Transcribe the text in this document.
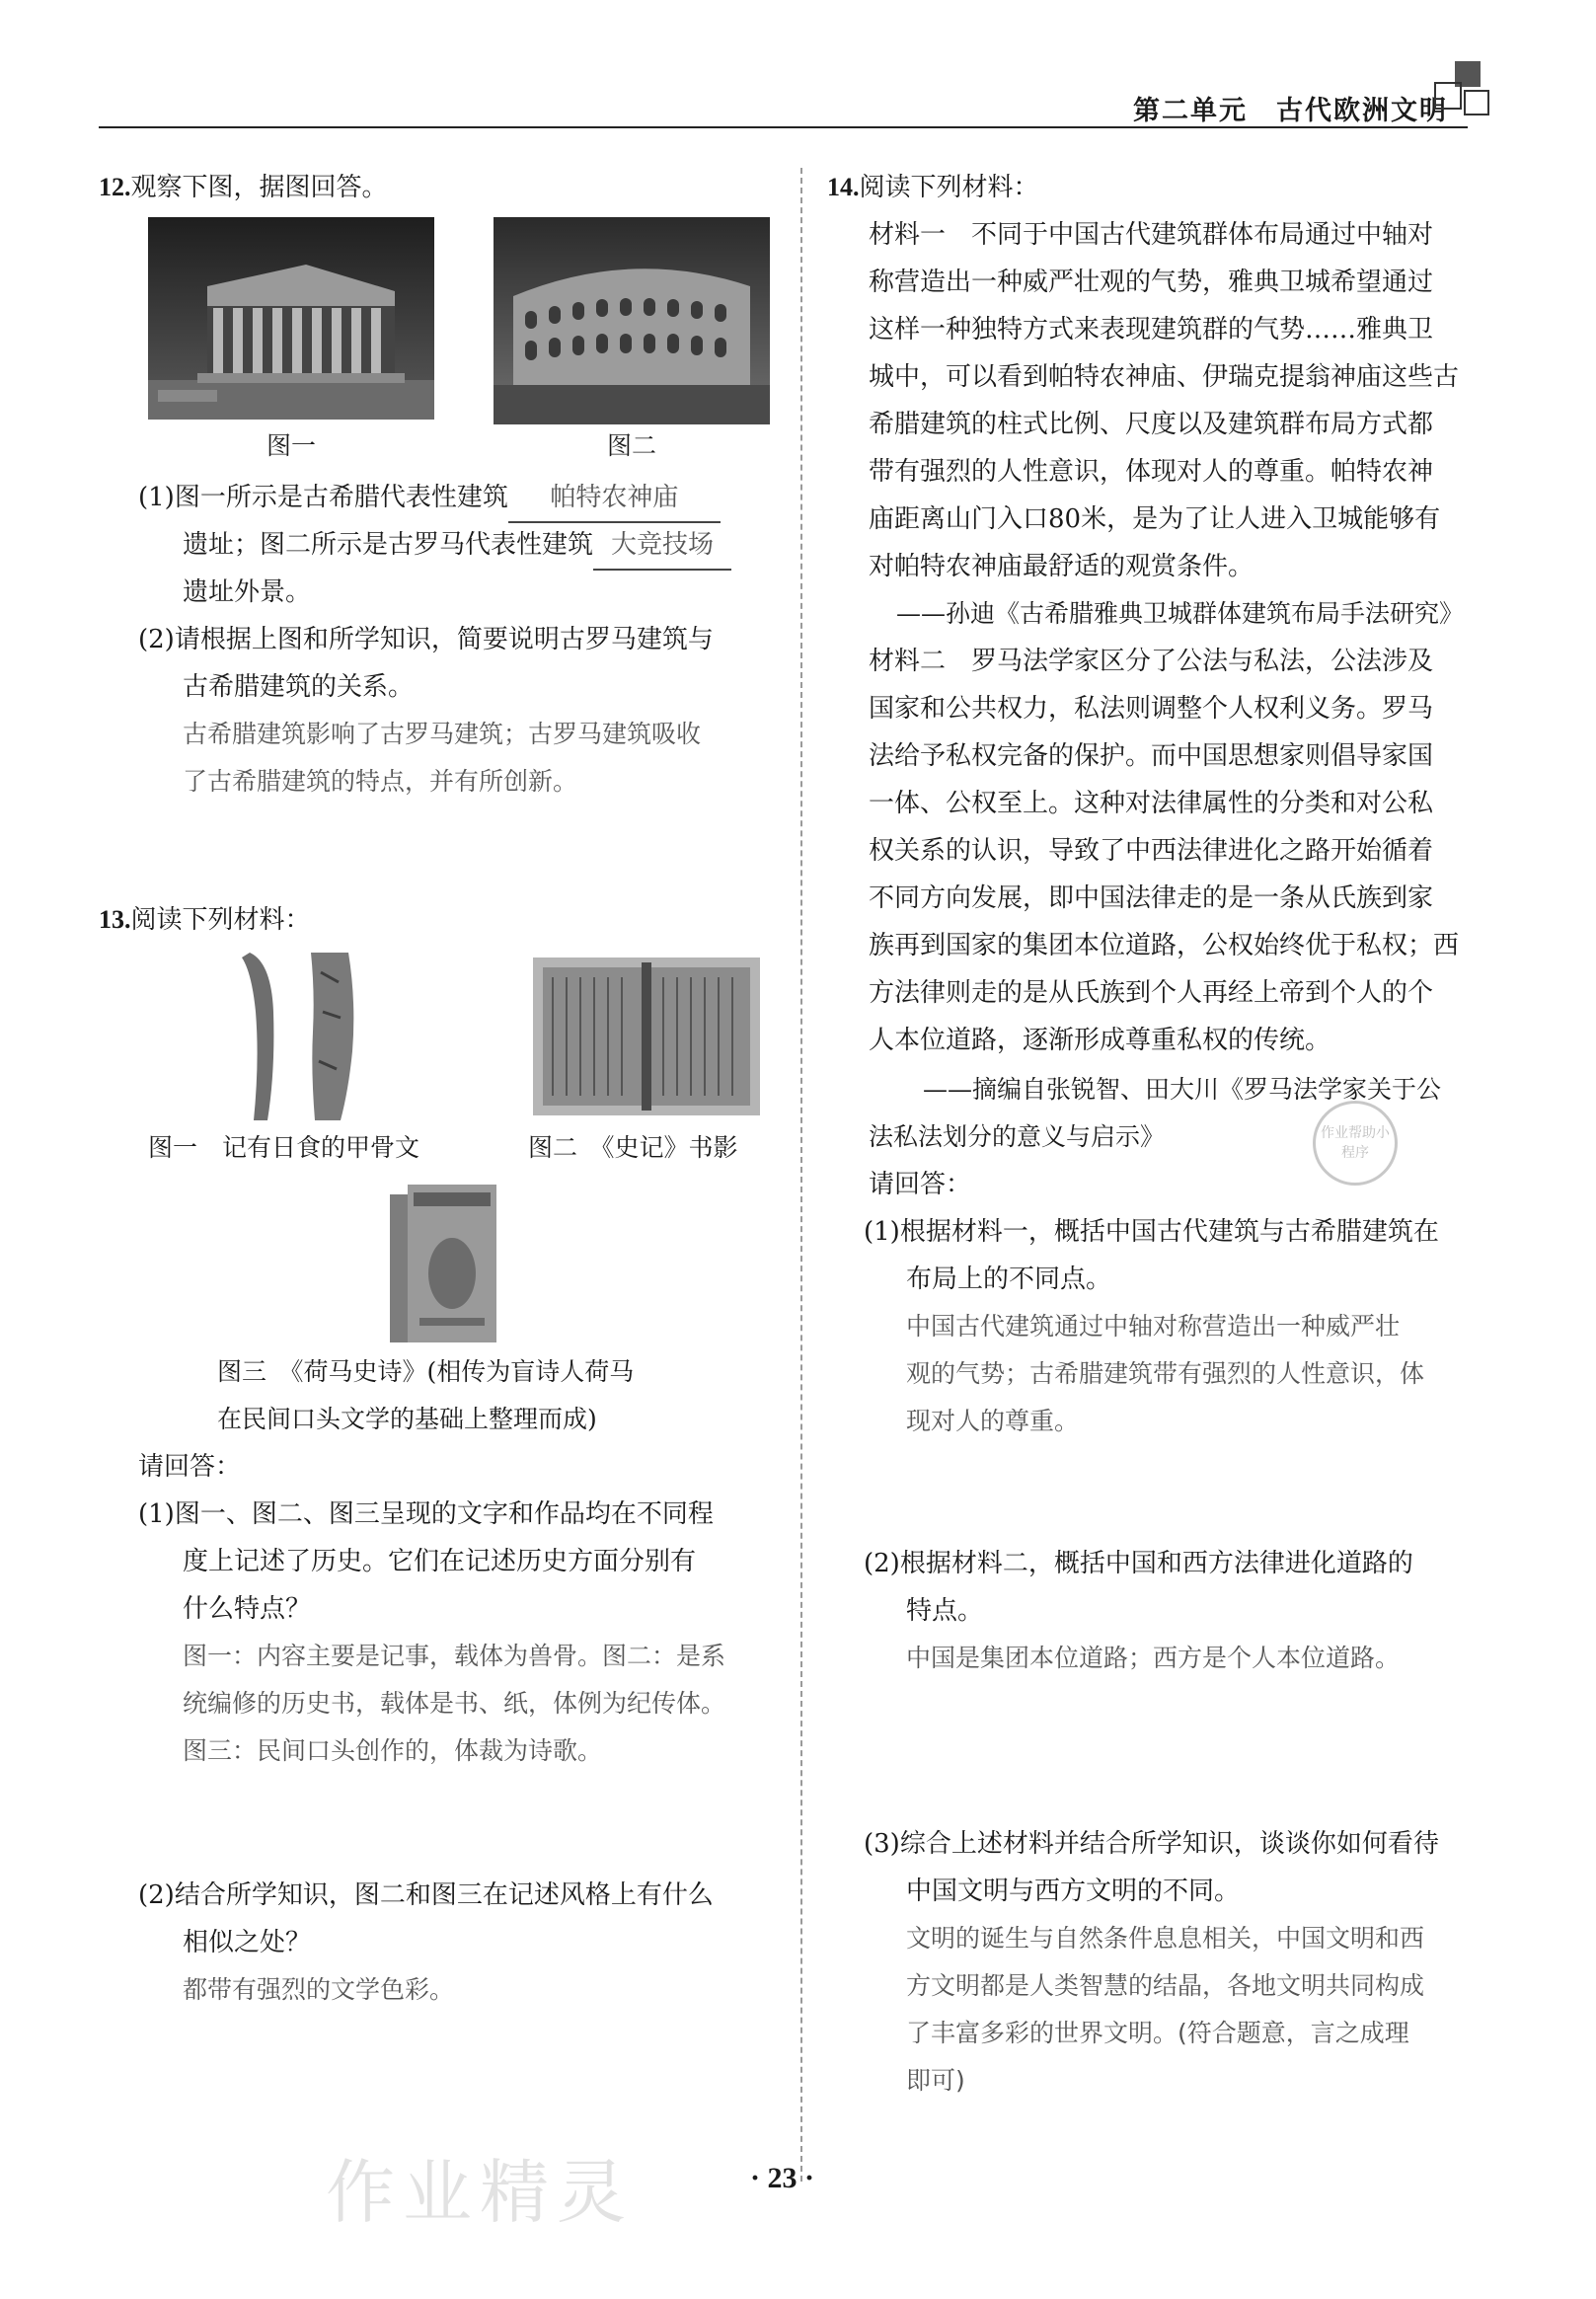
第二单元　古代欧洲文明
12.观察下图，据图回答。
图一	图二
(1)图一所示是古希腊代表性建筑 帕特农神庙
遗址；图二所示是古罗马代表性建筑 大竞技场
遗址外景。
(2)请根据上图和所学知识，简要说明古罗马建筑与
古希腊建筑的关系。
古希腊建筑影响了古罗马建筑；古罗马建筑吸收
了古希腊建筑的特点，并有所创新。
13.阅读下列材料：
图一　记有日食的甲骨文	图二　《史记》书影
图三　《荷马史诗》(相传为盲诗人荷马
在民间口头文学的基础上整理而成)
请回答：
(1)图一、图二、图三呈现的文字和作品均在不同程
度上记述了历史。它们在记述历史方面分别有
什么特点？
图一：内容主要是记事，载体为兽骨。图二：是系
统编修的历史书，载体是书、纸，体例为纪传体。
图三：民间口头创作的，体裁为诗歌。
(2)结合所学知识，图二和图三在记述风格上有什么
相似之处？
都带有强烈的文学色彩。
14.阅读下列材料：
材料一　不同于中国古代建筑群体布局通过中轴对
称营造出一种威严壮观的气势，雅典卫城希望通过
这样一种独特方式来表现建筑群的气势……雅典卫
城中，可以看到帕特农神庙、伊瑞克提翁神庙这些古
希腊建筑的柱式比例、尺度以及建筑群布局方式都
带有强烈的人性意识，体现对人的尊重。帕特农神
庙距离山门入口80米，是为了让人进入卫城能够有
对帕特农神庙最舒适的观赏条件。
——孙迪《古希腊雅典卫城群体建筑布局手法研究》
材料二　罗马法学家区分了公法与私法，公法涉及
国家和公共权力，私法则调整个人权利义务。罗马
法给予私权完备的保护。而中国思想家则倡导家国
一体、公权至上。这种对法律属性的分类和对公私
权关系的认识，导致了中西法律进化之路开始循着
不同方向发展，即中国法律走的是一条从氏族到家
族再到国家的集团本位道路，公权始终优于私权；西
方法律则走的是从氏族到个人再经上帝到个人的个
人本位道路，逐渐形成尊重私权的传统。
——摘编自张锐智、田大川《罗马法学家关于公
法私法划分的意义与启示》	作业帮助小程序
请回答：
(1)根据材料一，概括中国古代建筑与古希腊建筑在
布局上的不同点。
中国古代建筑通过中轴对称营造出一种威严壮
观的气势；古希腊建筑带有强烈的人性意识，体
现对人的尊重。
(2)根据材料二，概括中国和西方法律进化道路的
特点。
中国是集团本位道路；西方是个人本位道路。
(3)综合上述材料并结合所学知识，谈谈你如何看待
中国文明与西方文明的不同。
文明的诞生与自然条件息息相关，中国文明和西
方文明都是人类智慧的结晶，各地文明共同构成
了丰富多彩的世界文明。(符合题意，言之成理
即可)
· 23 ·
作业精灵
